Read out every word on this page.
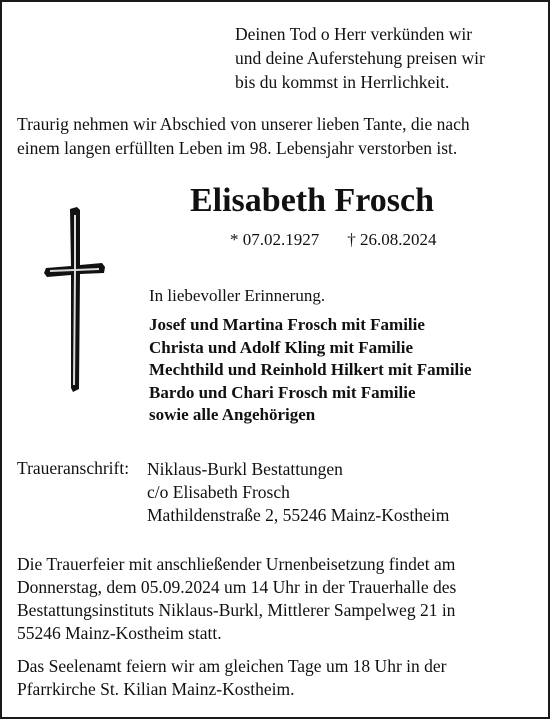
Deinen Tod o Herr verkünden wir
und deine Auferstehung preisen wir
bis du kommst in Herrlichkeit.
Traurig nehmen wir Abschied von unserer lieben Tante, die nach
einem langen erfüllten Leben im 98. Lebensjahr verstorben ist.
Elisabeth Frosch
* 07.02.1927 † 26.08.2024
In liebevoller Erinnerung.
Josef und Martina Frosch mit Familie
Christa und Adolf Kling mit Familie
Mechthild und Reinhold Hilkert mit Familie
Bardo und Chari Frosch mit Familie
sowie alle Angehörigen
Traueranschrift: Niklaus-Burkl Bestattungen
c/o Elisabeth Frosch
Mathildenstraße 2, 55246 Mainz-Kostheim
Die Trauerfeier mit anschließender Urnenbeisetzung findet am
Donnerstag, dem 05.09.2024 um 14 Uhr in der Trauerhalle des
Bestattungsinstituts Niklaus-Burkl, Mittlerer Sampelweg 21 in
55246 Mainz-Kostheim statt.
Das Seelenamt feiern wir am gleichen Tage um 18 Uhr in der
Pfarrkirche St. Kilian Mainz-Kostheim.
